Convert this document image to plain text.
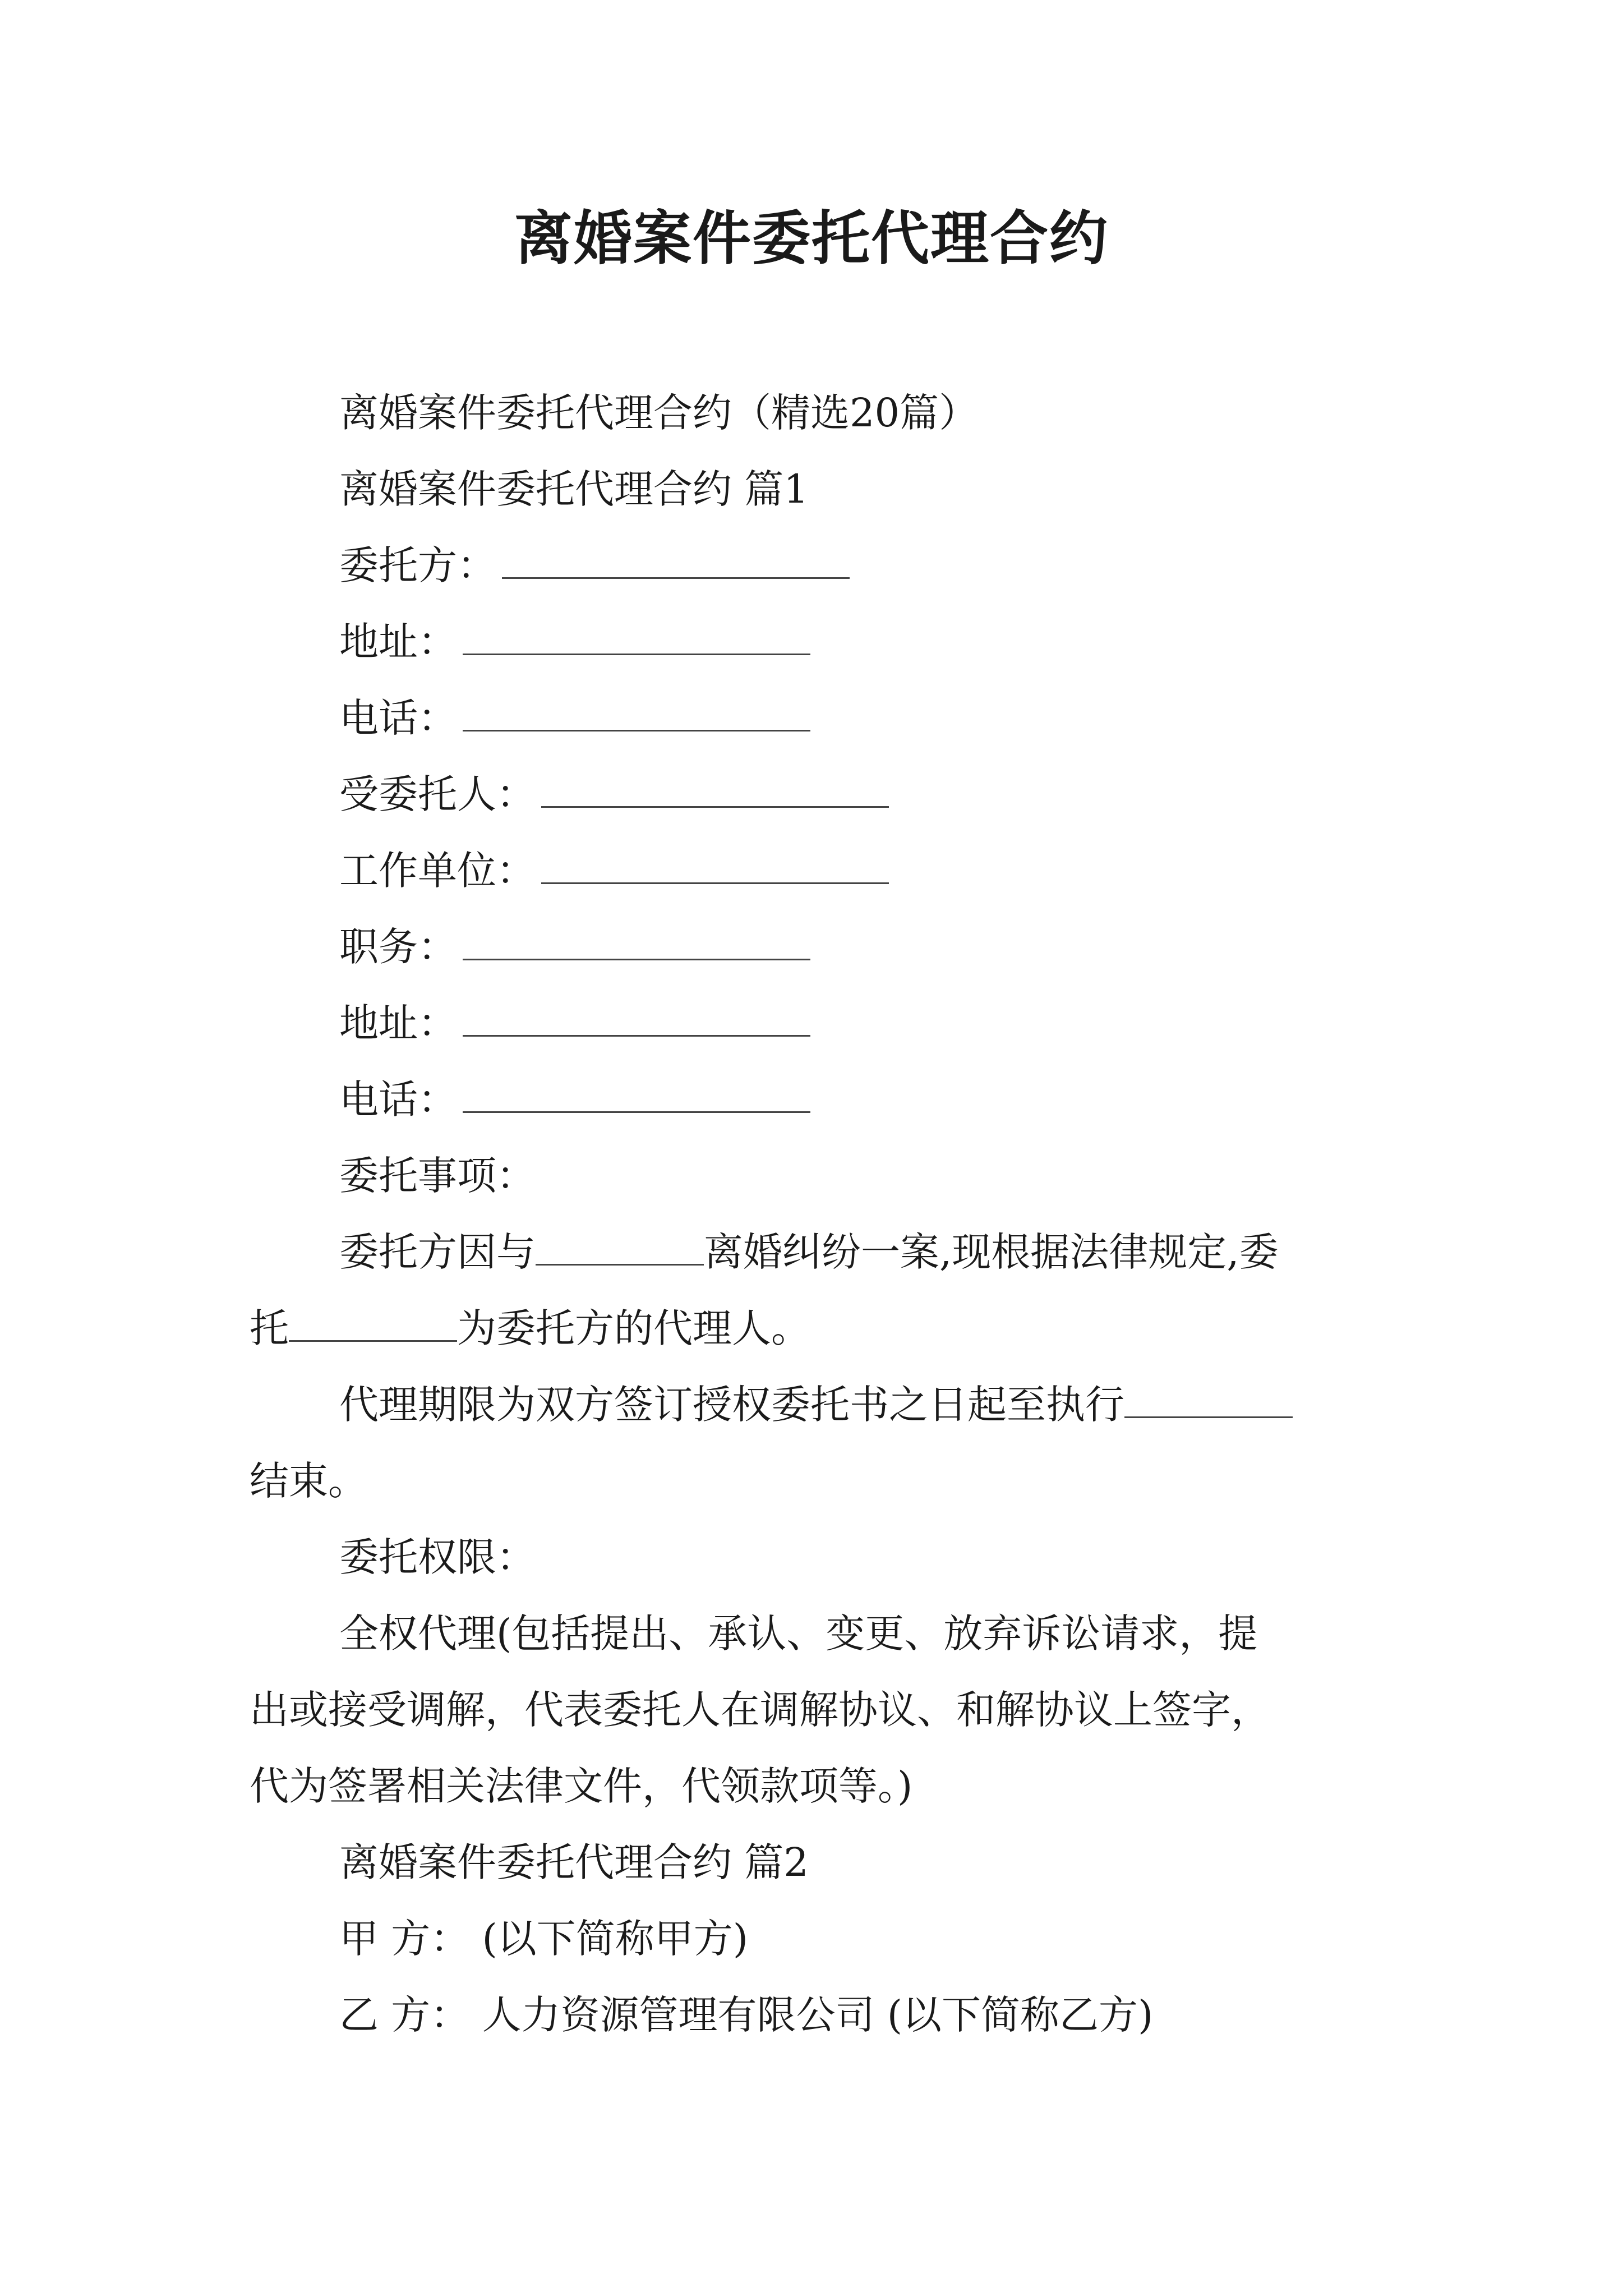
离婚案件委托代理合约
离婚案件委托代理合约（精选20篇）
离婚案件委托代理合约 篇1
委托方：
地址：
电话：
受委托人：
工作单位：
职务：
地址：
电话：
委托事项：
委托方因与	离婚纠纷一案,现根据法律规定,委
托	为委托方的代理人。
代理期限为双方签订授权委托书之日起至执行
结束。
委托权限：
全权代理(包括提出、承认、变更、放弃诉讼请求，提
出或接受调解，代表委托人在调解协议、和解协议上签字，
代为签署相关法律文件，代领款项等。)
离婚案件委托代理合约 篇2
甲 方： (以下简称甲方)
乙 方： 人力资源管理有限公司 (以下简称乙方)
